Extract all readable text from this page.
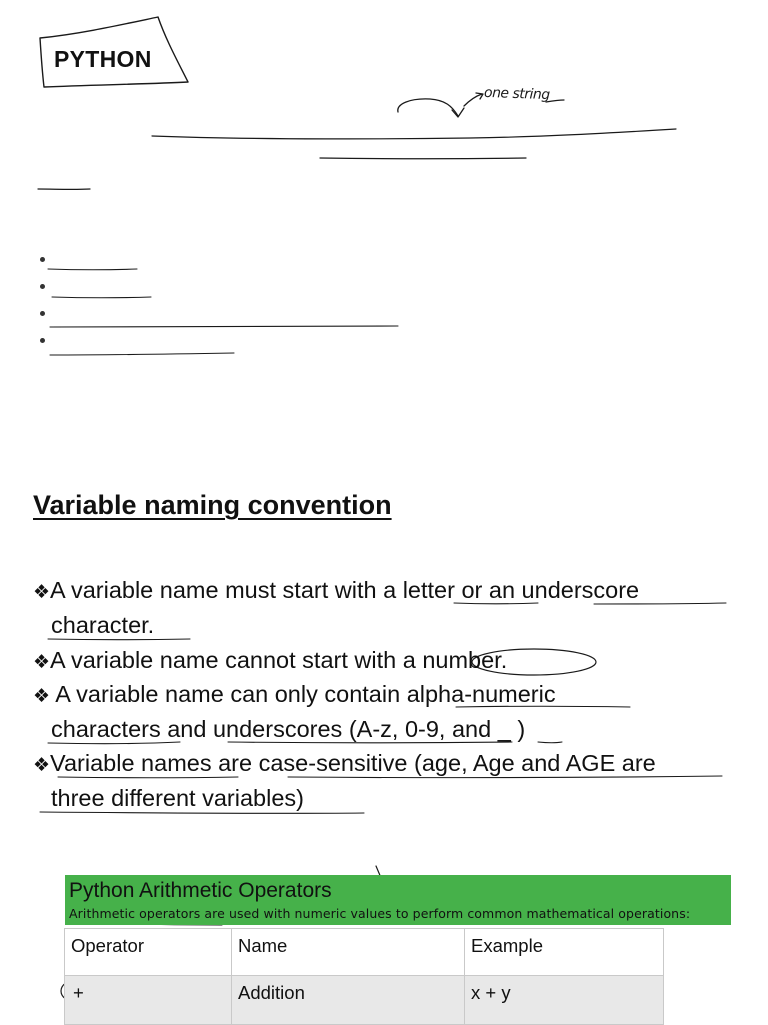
PYTHON
one string
Variable naming convention
❖A variable name must start with a letter or an underscore
character.
❖A variable name cannot start with a number.
❖ A variable name can only contain alpha-numeric
characters and underscores (A-z, 0-9, and _ )
❖Variable names are case-sensitive (age, Age and AGE are
three different variables)
Python Arithmetic Operators
Arithmetic operators are used with numeric values to perform common mathematical operations:
Operator	Name	Example
+	Addition	x + y
